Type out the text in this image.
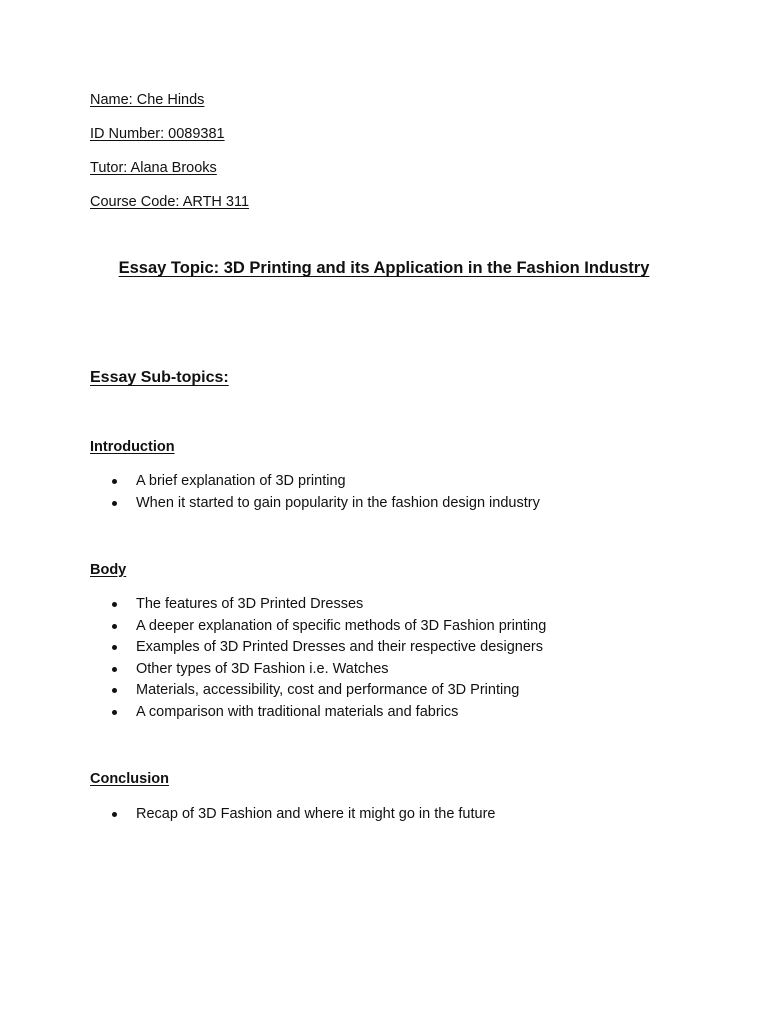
Name: Che Hinds
ID Number: 0089381
Tutor: Alana Brooks
Course Code: ARTH 311
Essay Topic: 3D Printing and its Application in the Fashion Industry
Essay Sub-topics:
Introduction
A brief explanation of 3D printing
When it started to gain popularity in the fashion design industry
Body
The features of 3D Printed Dresses
A deeper explanation of specific methods of 3D Fashion printing
Examples of 3D Printed Dresses and their respective designers
Other types of 3D Fashion i.e. Watches
Materials, accessibility, cost and performance of 3D Printing
A comparison with traditional materials and fabrics
Conclusion
Recap of 3D Fashion and where it might go in the future
